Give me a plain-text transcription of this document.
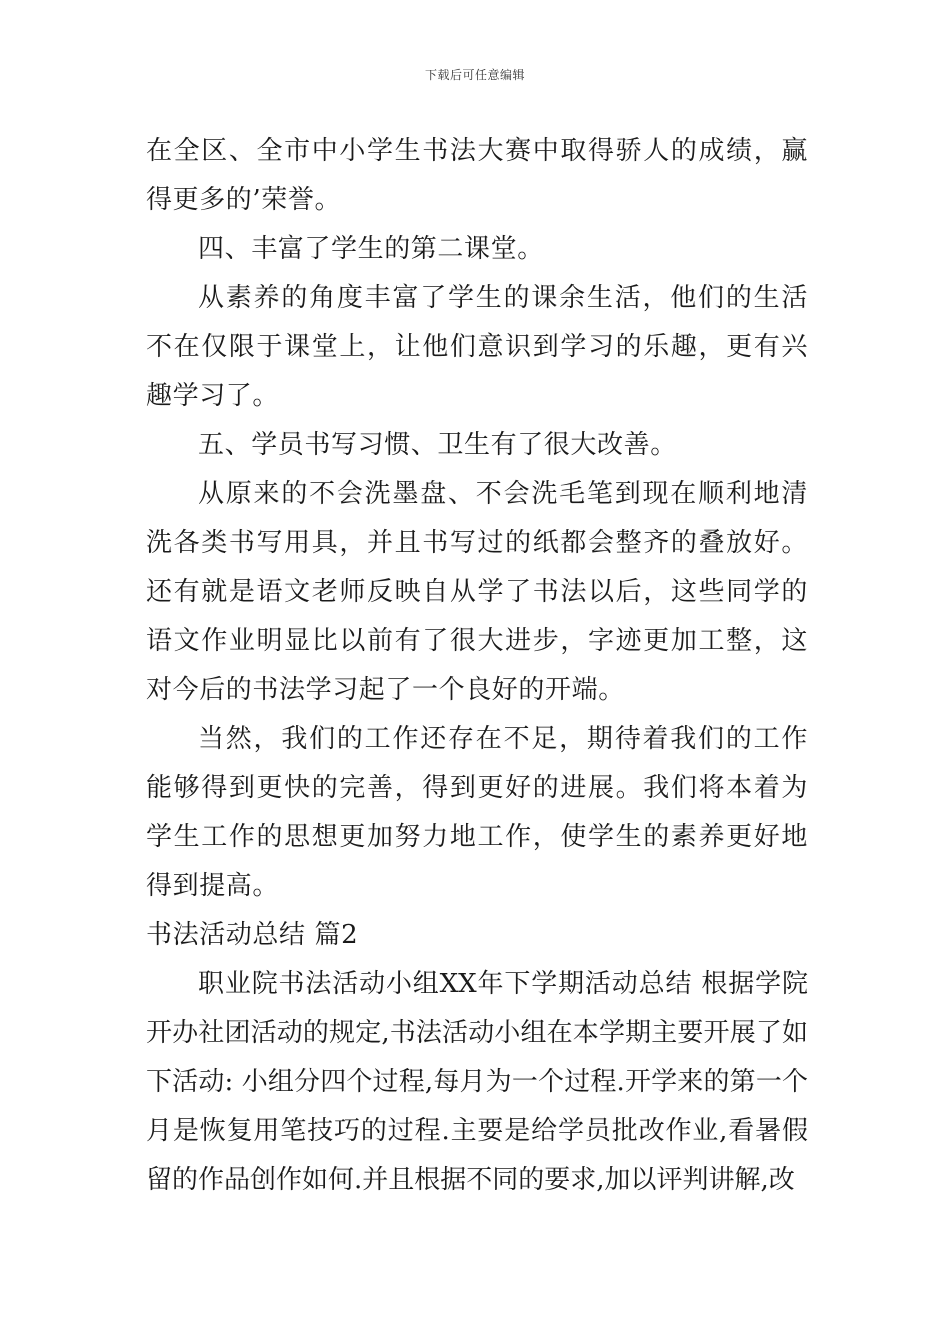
下载后可任意编辑

在全区、全市中小学生书法大赛中取得骄人的成绩，赢得更多的’荣誉。

四、丰富了学生的第二课堂。

从素养的角度丰富了学生的课余生活，他们的生活不在仅限于课堂上，让他们意识到学习的乐趣，更有兴趣学习了。

五、学员书写习惯、卫生有了很大改善。

从原来的不会洗墨盘、不会洗毛笔到现在顺利地清洗各类书写用具，并且书写过的纸都会整齐的叠放好。还有就是语文老师反映自从学了书法以后，这些同学的语文作业明显比以前有了很大进步，字迹更加工整，这对今后的书法学习起了一个良好的开端。

当然，我们的工作还存在不足，期待着我们的工作能够得到更快的完善，得到更好的进展。我们将本着为学生工作的思想更加努力地工作，使学生的素养更好地得到提高。

书法活动总结 篇2

职业院书法活动小组XX年下学期活动总结 根据学院开办社团活动的规定,书法活动小组在本学期主要开展了如下活动: 小组分四个过程,每月为一个过程.开学来的第一个月是恢复用笔技巧的过程.主要是给学员批改作业,看暑假留的作品创作如何.并且根据不同的要求,加以评判讲解,改
